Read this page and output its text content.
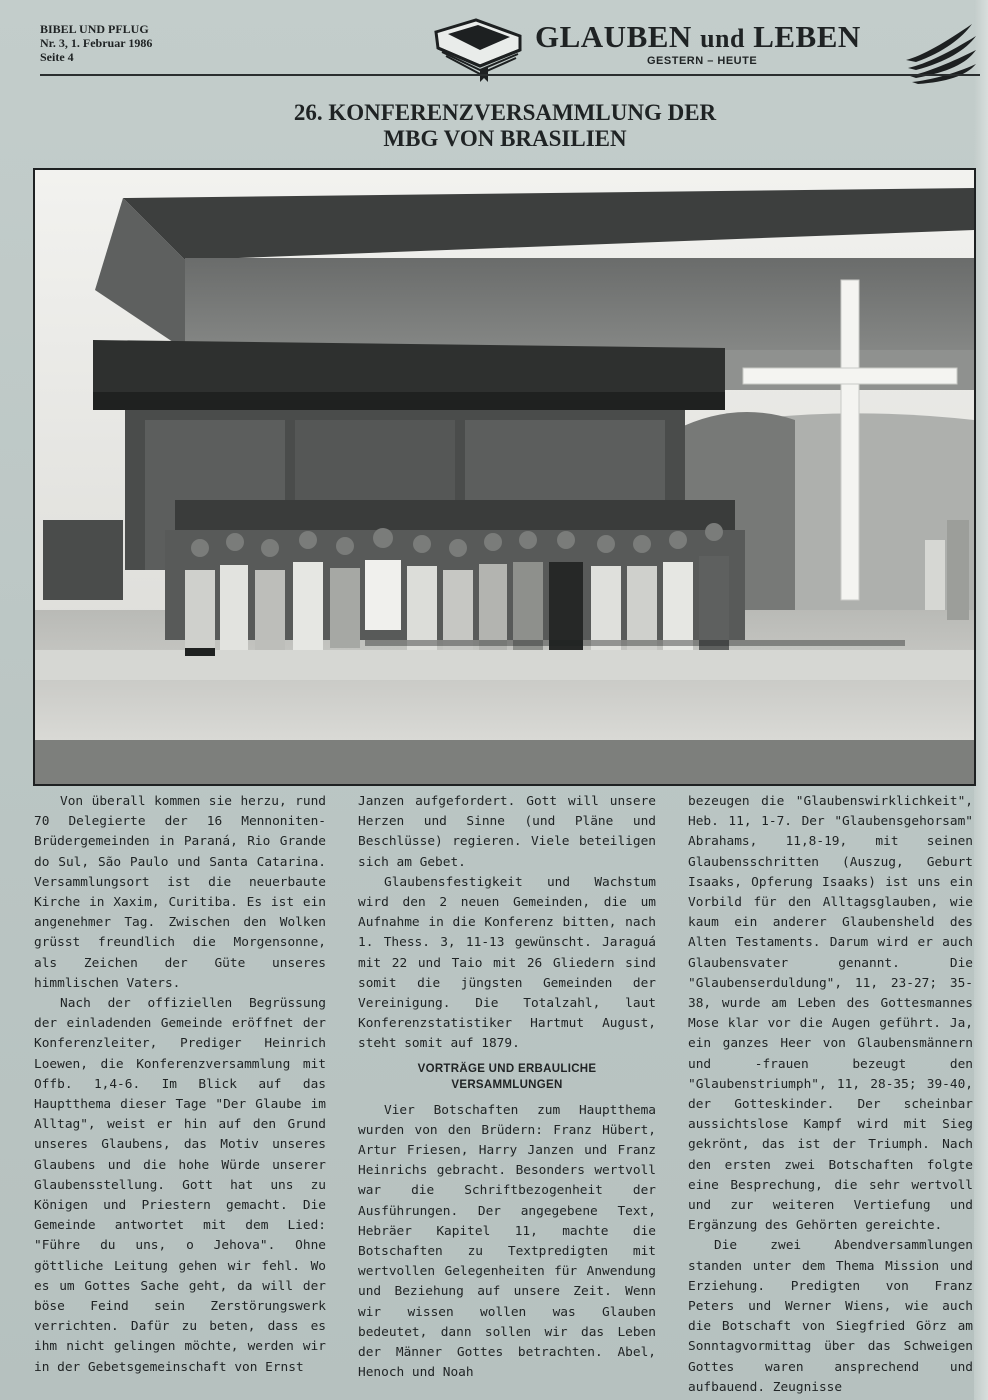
BIBEL UND PFLUG
Nr. 3, 1. Februar 1986
Seite 4
GLAUBEN und LEBEN
GESTERN – HEUTE
26. KONFERENZVERSAMMLUNG DER
MBG VON BRASILIEN

Von überall kommen sie herzu, rund 70 Delegierte der 16 Mennoniten-Brüdergemeinden in Paraná, Rio Grande do Sul, São Paulo und Santa Catarina. Versammlungsort ist die neuerbaute Kirche in Xaxim, Curitiba. Es ist ein angenehmer Tag. Zwischen den Wolken grüsst freundlich die Morgensonne, als Zeichen der Güte unseres himmlischen Vaters.

Nach der offiziellen Begrüssung der einladenden Gemeinde eröffnet der Konferenzleiter, Prediger Heinrich Loewen, die Konferenzversammlung mit Offb. 1,4-6. Im Blick auf das Hauptthema dieser Tage "Der Glaube im Alltag", weist er hin auf den Grund unseres Glaubens, das Motiv unseres Glaubens und die hohe Würde unserer Glaubensstellung. Gott hat uns zu Königen und Priestern gemacht. Die Gemeinde antwortet mit dem Lied: "Führe du uns, o Jehova". Ohne göttliche Leitung gehen wir fehl. Wo es um Gottes Sache geht, da will der böse Feind sein Zerstörungswerk verrichten. Dafür zu beten, dass es ihm nicht gelingen möchte, werden wir in der Gebetsgemeinschaft von Ernst

Janzen aufgefordert. Gott will unsere Herzen und Sinne (und Pläne und Beschlüsse) regieren. Viele beteiligen sich am Gebet.

Glaubensfestigkeit und Wachstum wird den 2 neuen Gemeinden, die um Aufnahme in die Konferenz bitten, nach 1. Thess. 3, 11-13 gewünscht. Jaraguá mit 22 und Taio mit 26 Gliedern sind somit die jüngsten Gemeinden der Vereinigung. Die Totalzahl, laut Konferenzstatistiker Hartmut August, steht somit auf 1879.

VORTRÄGE UND ERBAULICHE
VERSAMMLUNGEN

Vier Botschaften zum Hauptthema wurden von den Brüdern: Franz Hübert, Artur Friesen, Harry Janzen und Franz Heinrichs gebracht. Besonders wertvoll war die Schriftbezogenheit der Ausführungen. Der angegebene Text, Hebräer Kapitel 11, machte die Botschaften zu Textpredigten mit wertvollen Gelegenheiten für Anwendung und Beziehung auf unsere Zeit. Wenn wir wissen wollen was Glauben bedeutet, dann sollen wir das Leben der Männer Gottes betrachten. Abel, Henoch und Noah

bezeugen die "Glaubenswirklichkeit", Heb. 11, 1-7. Der "Glaubensgehorsam" Abrahams, 11,8-19, mit seinen Glaubensschritten (Auszug, Geburt Isaaks, Opferung Isaaks) ist uns ein Vorbild für den Alltagsglauben, wie kaum ein anderer Glaubensheld des Alten Testaments. Darum wird er auch Glaubensvater genannt. Die "Glaubenserduldung", 11, 23-27; 35-38, wurde am Leben des Gottesmannes Mose klar vor die Augen geführt. Ja, ein ganzes Heer von Glaubensmännern und -frauen bezeugt den "Glaubenstriumph", 11, 28-35; 39-40, der Gotteskinder. Der scheinbar aussichtslose Kampf wird mit Sieg gekrönt, das ist der Triumph. Nach den ersten zwei Botschaften folgte eine Besprechung, die sehr wertvoll und zur weiteren Vertiefung und Ergänzung des Gehörten gereichte.

Die zwei Abendversammlungen standen unter dem Thema Mission und Erziehung. Predigten von Franz Peters und Werner Wiens, wie auch die Botschaft von Siegfried Görz am Sonntagvormittag über das Schweigen Gottes waren ansprechend und aufbauend. Zeugnisse
